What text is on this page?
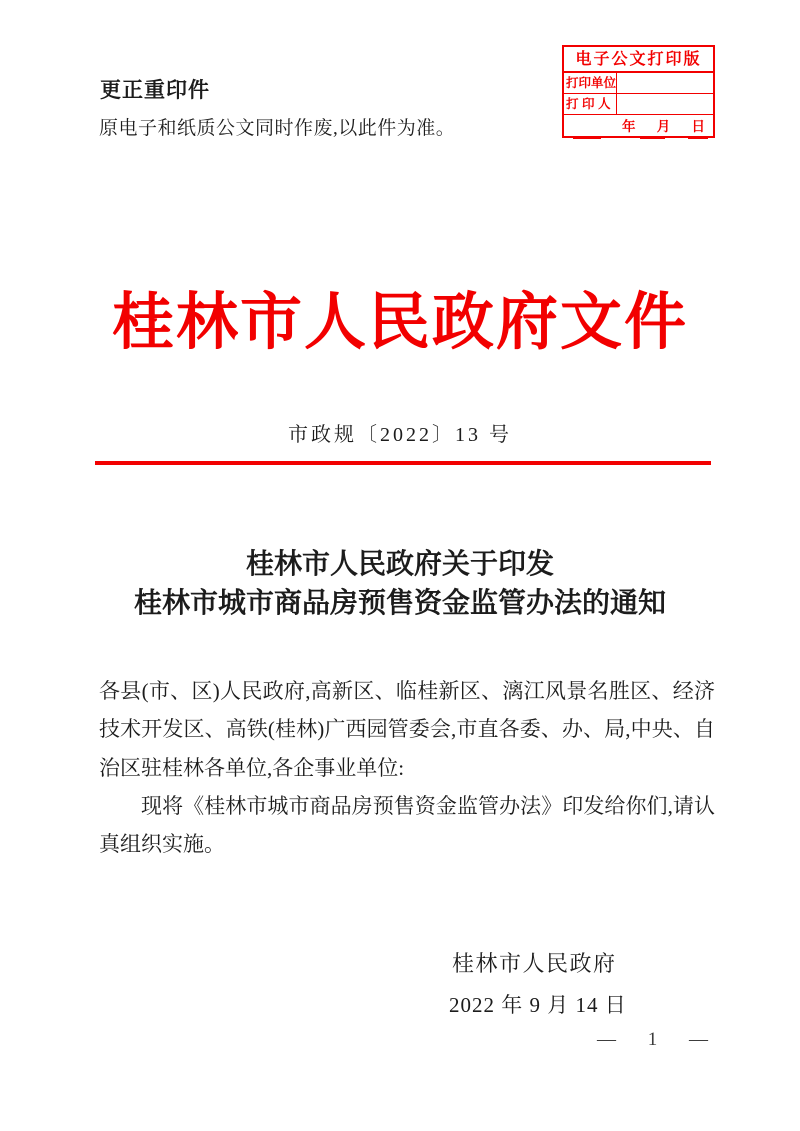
更正重印件
原电子和纸质公文同时作废,以此件为准。
电子公文打印版
打印单位
打 印 人
年 月 日
桂林市人民政府文件
市政规〔2022〕13 号
桂林市人民政府关于印发
桂林市城市商品房预售资金监管办法的通知

各县(市、区)人民政府,高新区、临桂新区、漓江风景名胜区、经济技术开发区、高铁(桂林)广西园管委会,市直各委、办、局,中央、自治区驻桂林各单位,各企事业单位:

现将《桂林市城市商品房预售资金监管办法》印发给你们,请认真组织实施。

桂林市人民政府
2022 年 9 月 14 日
— 1 —
